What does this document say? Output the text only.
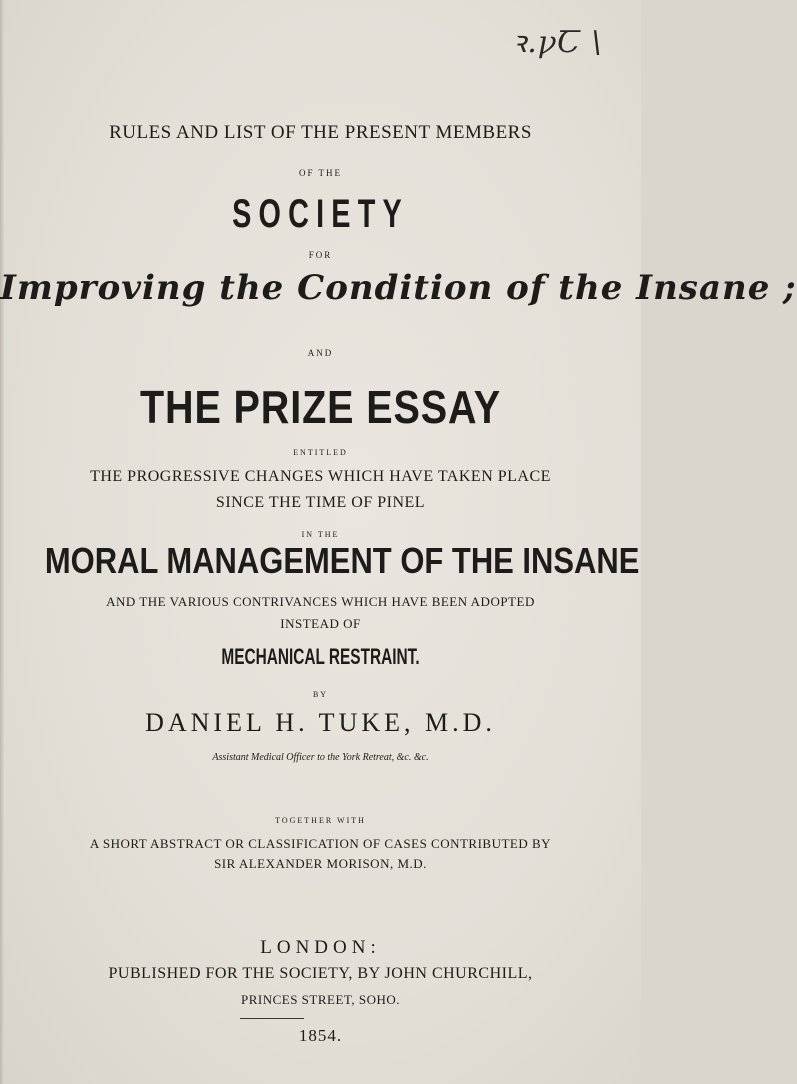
ꝛ.ꝩꞆ \
RULES AND LIST OF THE PRESENT MEMBERS
OF THE
SOCIETY
FOR
Improving the Condition of the Insane ;
AND
THE PRIZE ESSAY
ENTITLED
THE PROGRESSIVE CHANGES WHICH HAVE TAKEN PLACE
SINCE THE TIME OF PINEL
IN THE
MORAL MANAGEMENT OF THE INSANE
AND THE VARIOUS CONTRIVANCES WHICH HAVE BEEN ADOPTED
INSTEAD OF
MECHANICAL RESTRAINT.
BY
DANIEL H. TUKE, M.D.
Assistant Medical Officer to the York Retreat, &c. &c.
TOGETHER WITH
A SHORT ABSTRACT OR CLASSIFICATION OF CASES CONTRIBUTED BY
SIR ALEXANDER MORISON, M.D.
LONDON:
PUBLISHED FOR THE SOCIETY, BY JOHN CHURCHILL,
PRINCES STREET, SOHO.
1854.
